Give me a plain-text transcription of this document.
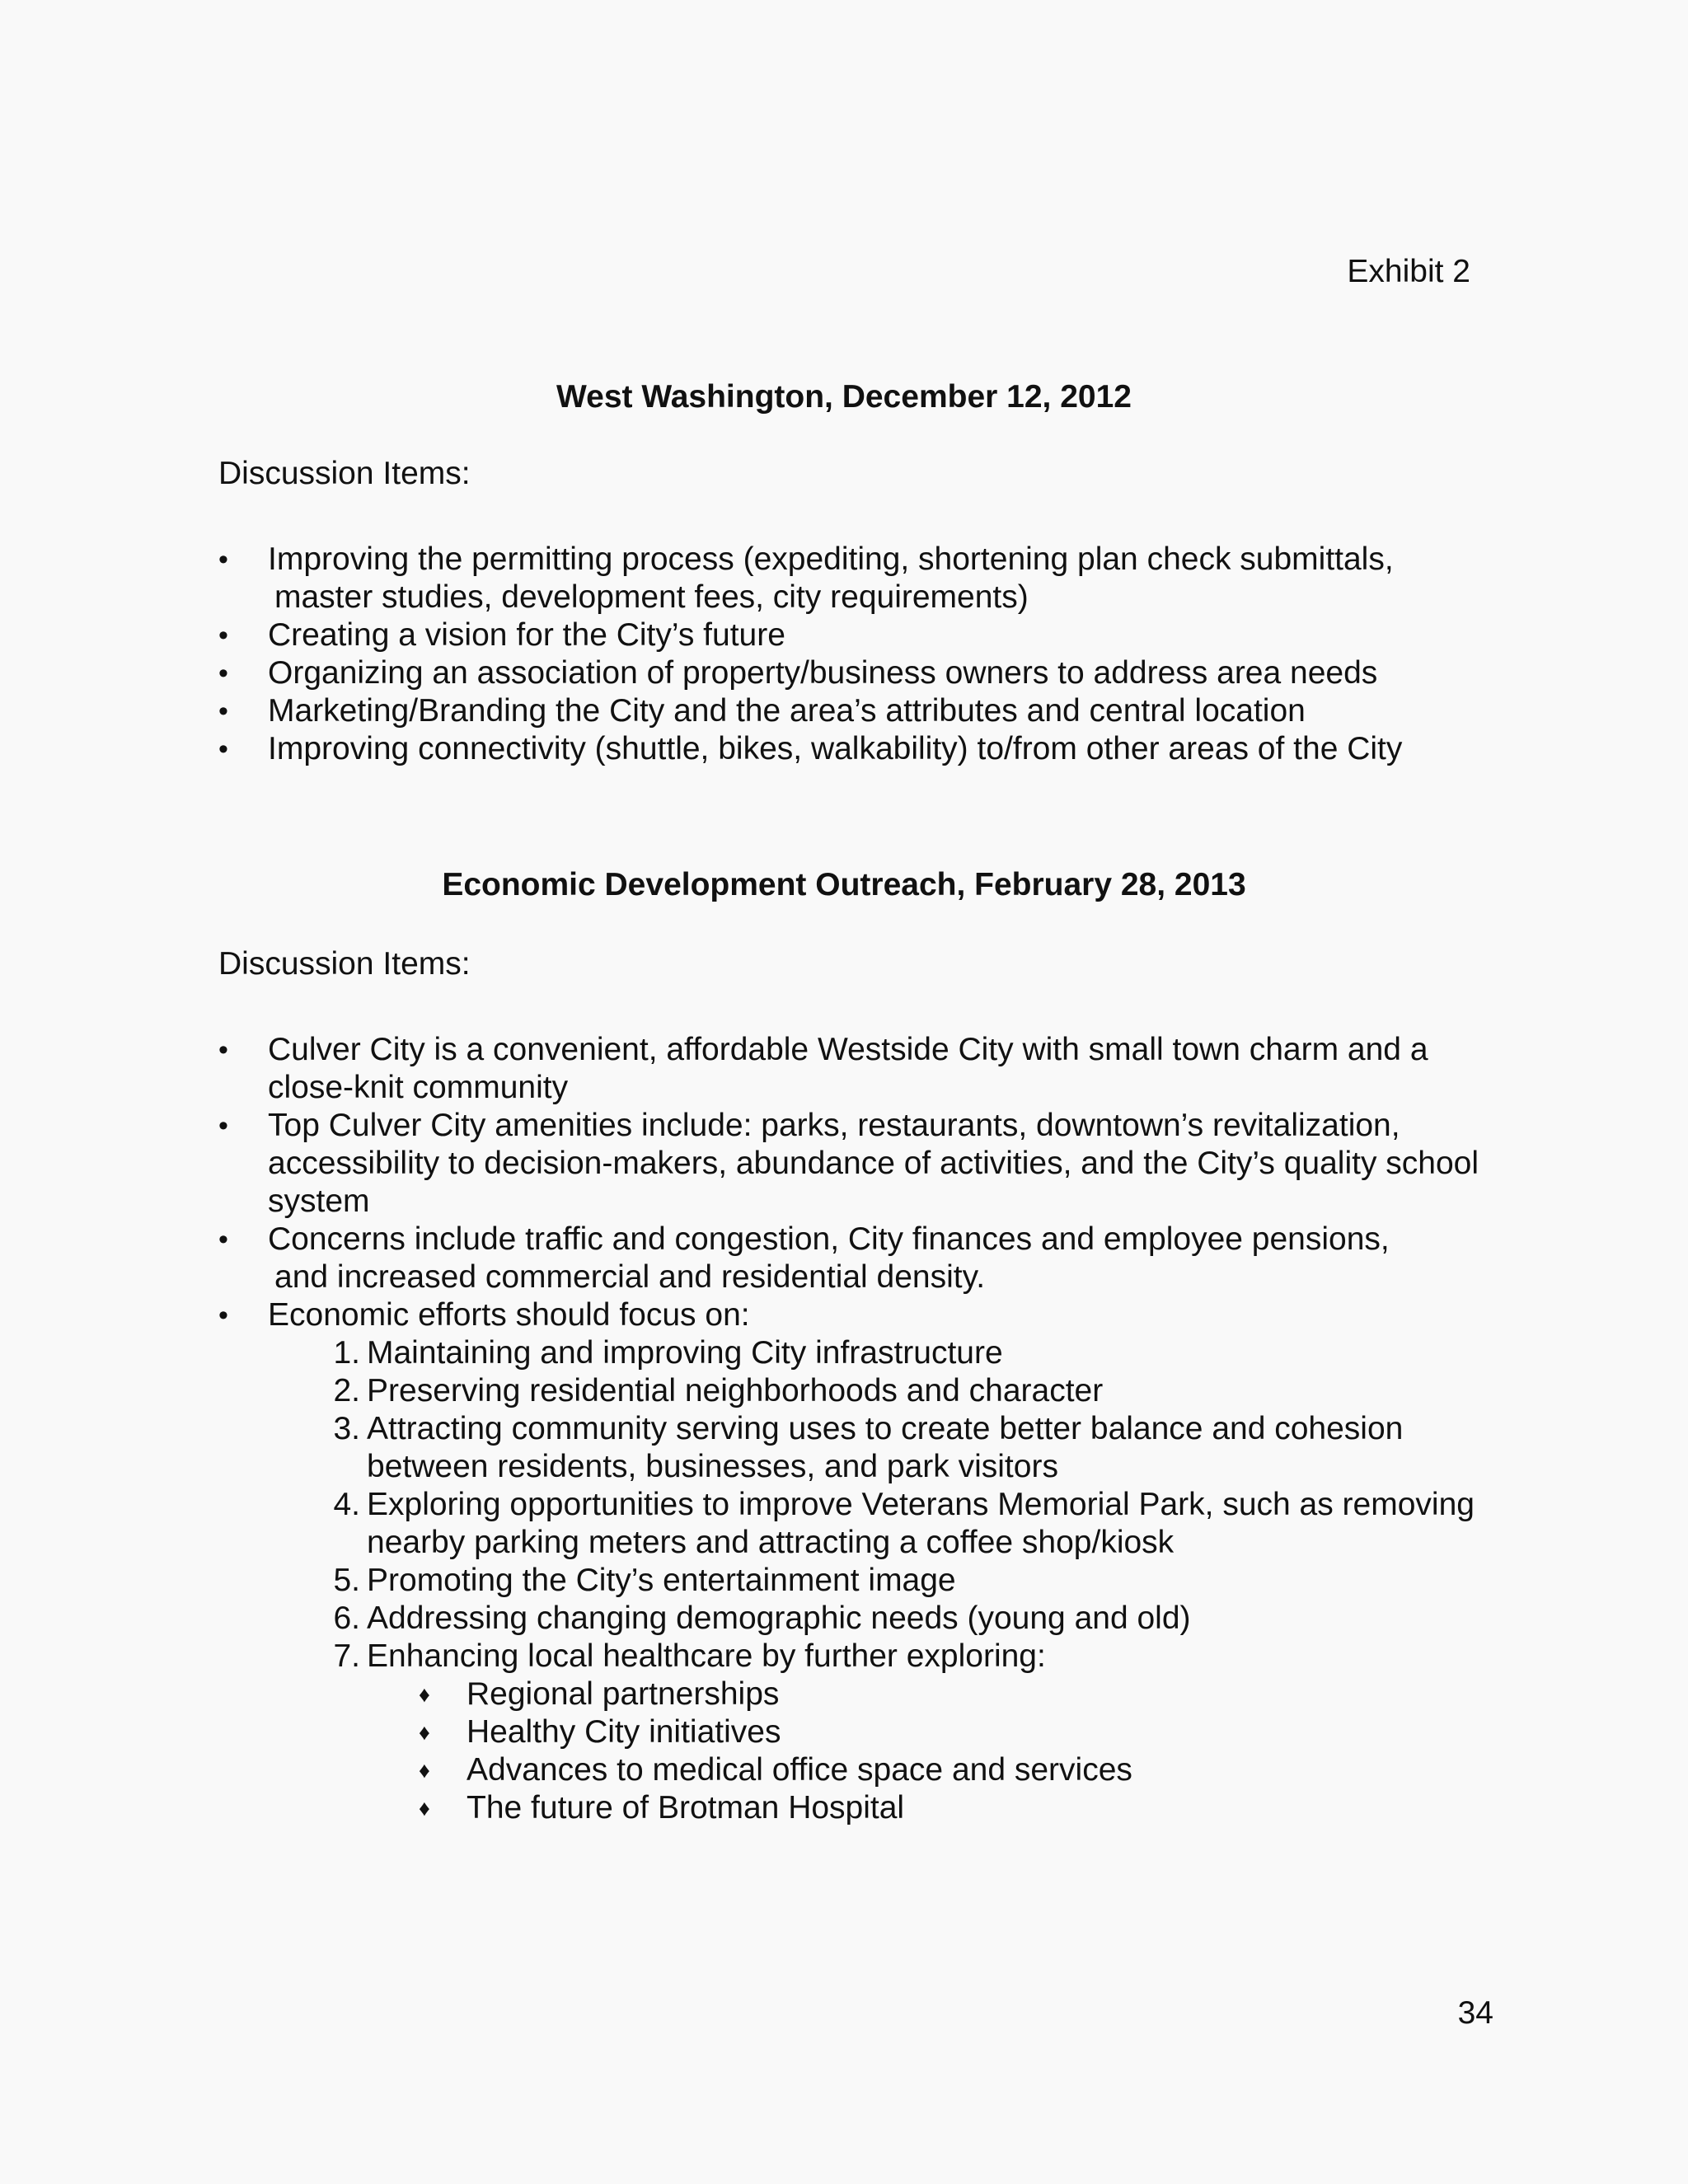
Exhibit 2
West Washington, December 12, 2012
Discussion Items:
•	Improving the permitting process (expediting, shortening plan check submittals,
master studies, development fees, city requirements)
•	Creating a vision for the City’s future
•	Organizing an association of property/business owners to address area needs
•	Marketing/Branding the City and the area’s attributes and central location
•	Improving connectivity (shuttle, bikes, walkability) to/from other areas of the City
Economic Development Outreach, February 28, 2013
Discussion Items:
•	Culver City is a convenient, affordable Westside City with small town charm and a close-knit community
•	Top Culver City amenities include: parks, restaurants, downtown’s revitalization, accessibility to decision-makers, abundance of activities, and the City’s quality school system
•	Concerns include traffic and congestion, City finances and employee pensions,
and increased commercial and residential density.
•	Economic efforts should focus on:
1. Maintaining and improving City infrastructure
2. Preserving residential neighborhoods and character
3. Attracting community serving uses to create better balance and cohesion between residents, businesses, and park visitors
4. Exploring opportunities to improve Veterans Memorial Park, such as removing nearby parking meters and attracting a coffee shop/kiosk
5. Promoting the City’s entertainment image
6. Addressing changing demographic needs (young and old)
7. Enhancing local healthcare by further exploring:
♦ Regional partnerships
♦ Healthy City initiatives
♦ Advances to medical office space and services
♦ The future of Brotman Hospital
34
